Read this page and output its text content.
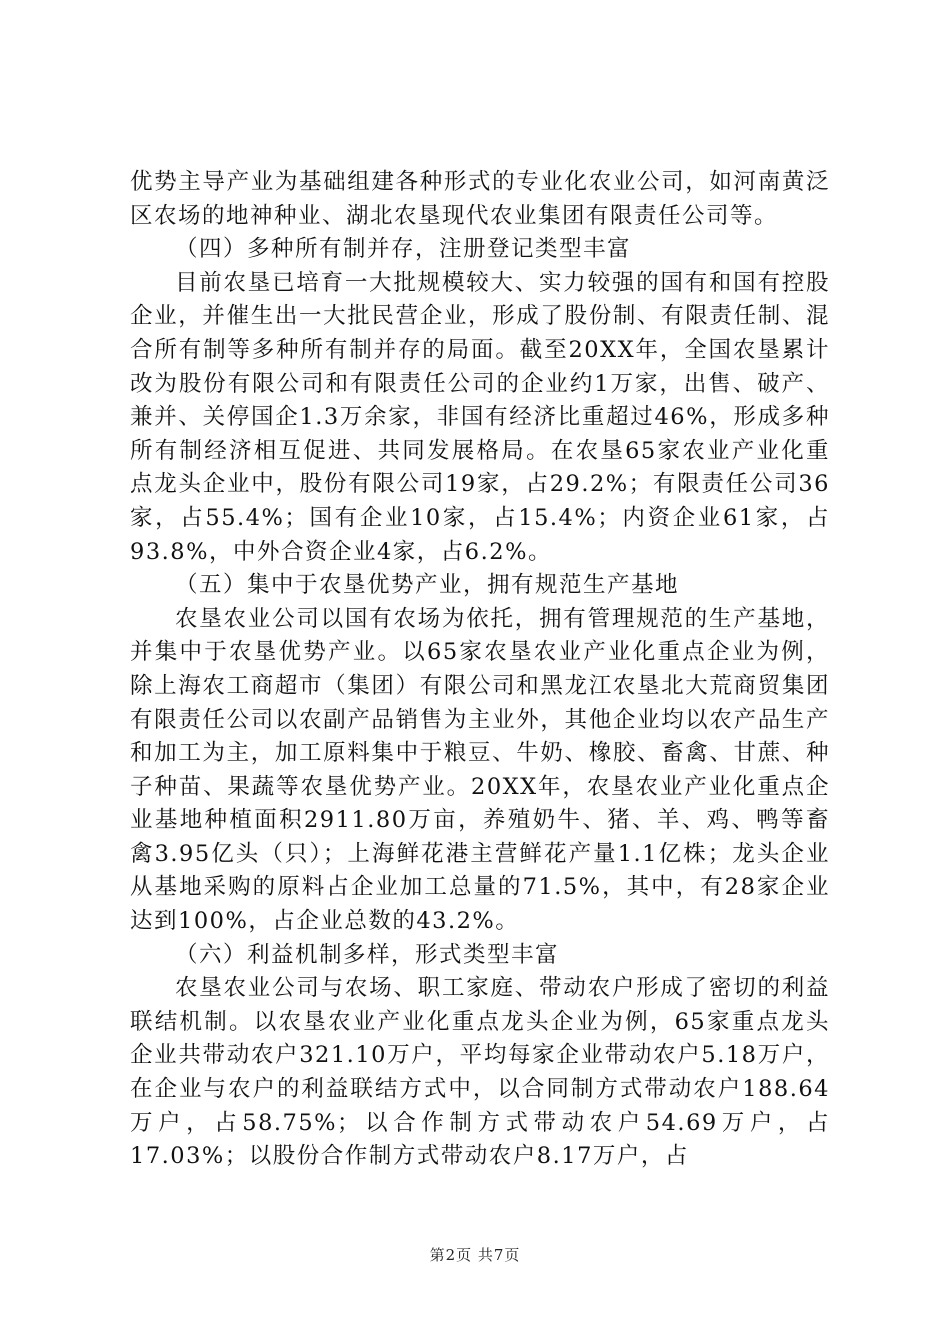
优势主导产业为基础组建各种形式的专业化农业公司，如河南黄泛区农场的地神种业、湖北农垦现代农业集团有限责任公司等。

（四）多种所有制并存，注册登记类型丰富

目前农垦已培育一大批规模较大、实力较强的国有和国有控股企业，并催生出一大批民营企业，形成了股份制、有限责任制、混合所有制等多种所有制并存的局面。截至20XX年，全国农垦累计改为股份有限公司和有限责任公司的企业约1万家，出售、破产、兼并、关停国企1.3万余家，非国有经济比重超过46%，形成多种所有制经济相互促进、共同发展格局。在农垦65家农业产业化重点龙头企业中，股份有限公司19家，占29.2%；有限责任公司36家，占55.4%；国有企业10家，占15.4%；内资企业61家，占93.8%，中外合资企业4家，占6.2%。

（五）集中于农垦优势产业，拥有规范生产基地

农垦农业公司以国有农场为依托，拥有管理规范的生产基地，并集中于农垦优势产业。以65家农垦农业产业化重点企业为例，除上海农工商超市（集团）有限公司和黑龙江农垦北大荒商贸集团有限责任公司以农副产品销售为主业外，其他企业均以农产品生产和加工为主，加工原料集中于粮豆、牛奶、橡胶、畜禽、甘蔗、种子种苗、果蔬等农垦优势产业。20XX年，农垦农业产业化重点企业基地种植面积2911.80万亩，养殖奶牛、猪、羊、鸡、鸭等畜禽3.95亿头（只）；上海鲜花港主营鲜花产量1.1亿株；龙头企业从基地采购的原料占企业加工总量的71.5%，其中，有28家企业达到100%，占企业总数的43.2%。

（六）利益机制多样，形式类型丰富

农垦农业公司与农场、职工家庭、带动农户形成了密切的利益联结机制。以农垦农业产业化重点龙头企业为例，65家重点龙头企业共带动农户321.10万户，平均每家企业带动农户5.18万户，在企业与农户的利益联结方式中，以合同制方式带动农户188.64万户，占58.75%；以合作制方式带动农户54.69万户，占17.03%；以股份合作制方式带动农户8.17万户，占

第2页 共7页
